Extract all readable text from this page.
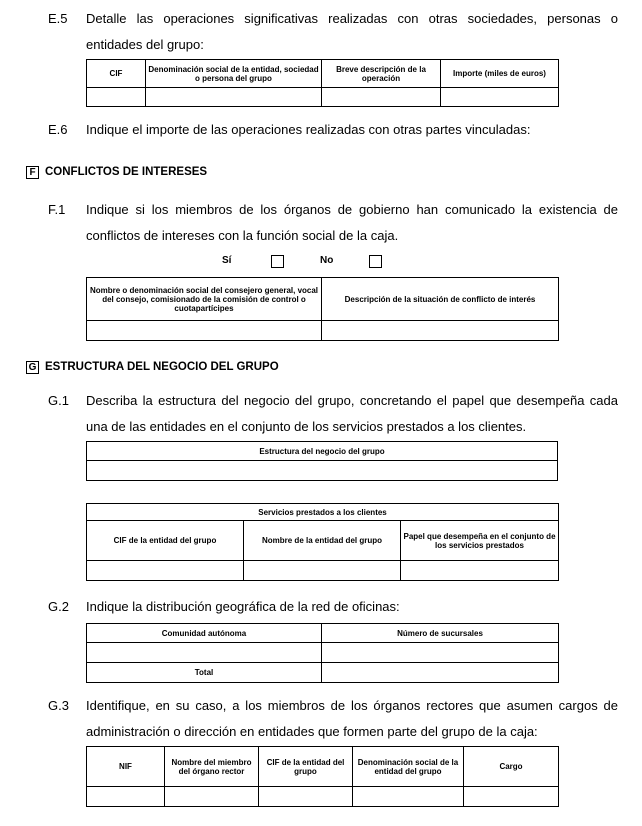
E.5 Detalle las operaciones significativas realizadas con otras sociedades, personas o entidades del grupo:
CIF	Denominación social de la entidad, sociedad o persona del grupo	Breve descripción de la operación	Importe (miles de euros)

E.6 Indique el importe de las operaciones realizadas con otras partes vinculadas:
F CONFLICTOS DE INTERESES
F.1 Indique si los miembros de los órganos de gobierno han comunicado la existencia de conflictos de intereses con la función social de la caja.
Sí	No
Nombre o denominación social del consejero general, vocal del consejo, comisionado de la comisión de control o cuotapartícipes	Descripción de la situación de conflicto de interés

G ESTRUCTURA DEL NEGOCIO DEL GRUPO
G.1 Describa la estructura del negocio del grupo, concretando el papel que desempeña cada una de las entidades en el conjunto de los servicios prestados a los clientes.
Estructura del negocio del grupo

Servicios prestados a los clientes		
CIF de la entidad del grupo	Nombre de la entidad del grupo	Papel que desempeña en el conjunto de los servicios prestados

G.2 Indique la distribución geográfica de la red de oficinas:
Comunidad autónoma	Número de sucursales

Total	
G.3 Identifique, en su caso, a los miembros de los órganos rectores que asumen cargos de administración o dirección en entidades que formen parte del grupo de la caja:
NIF	Nombre del miembro del órgano rector	CIF de la entidad del grupo	Denominación social de la entidad del grupo	Cargo
